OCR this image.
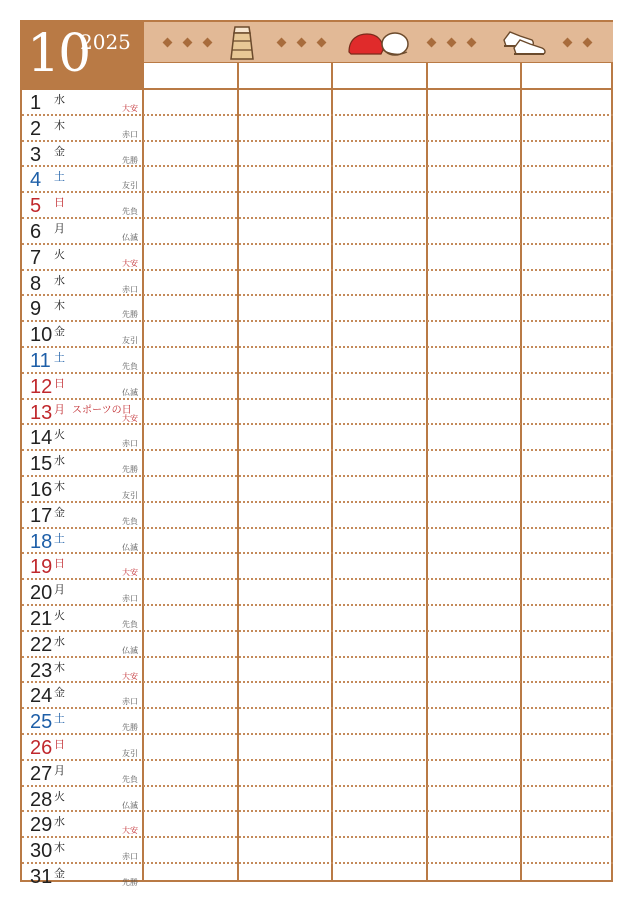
10
2025
1 水
大安
2 木
赤口
3 金
先勝
4 土
友引
5 日
先負
6 月
仏滅
7 火
大安
8 水
赤口
9 木
先勝
10 金
友引
11 土
先負
12 日
仏滅
13 月 スポーツの日
大安
14 火
赤口
15 水
先勝
16 木
友引
17 金
先負
18 土
仏滅
19 日
大安
20 月
赤口
21 火
先負
22 水
仏滅
23 木
大安
24 金
赤口
25 土
先勝
26 日
友引
27 月
先負
28 火
仏滅
29 水
大安
30 木
赤口
31 金
先勝
